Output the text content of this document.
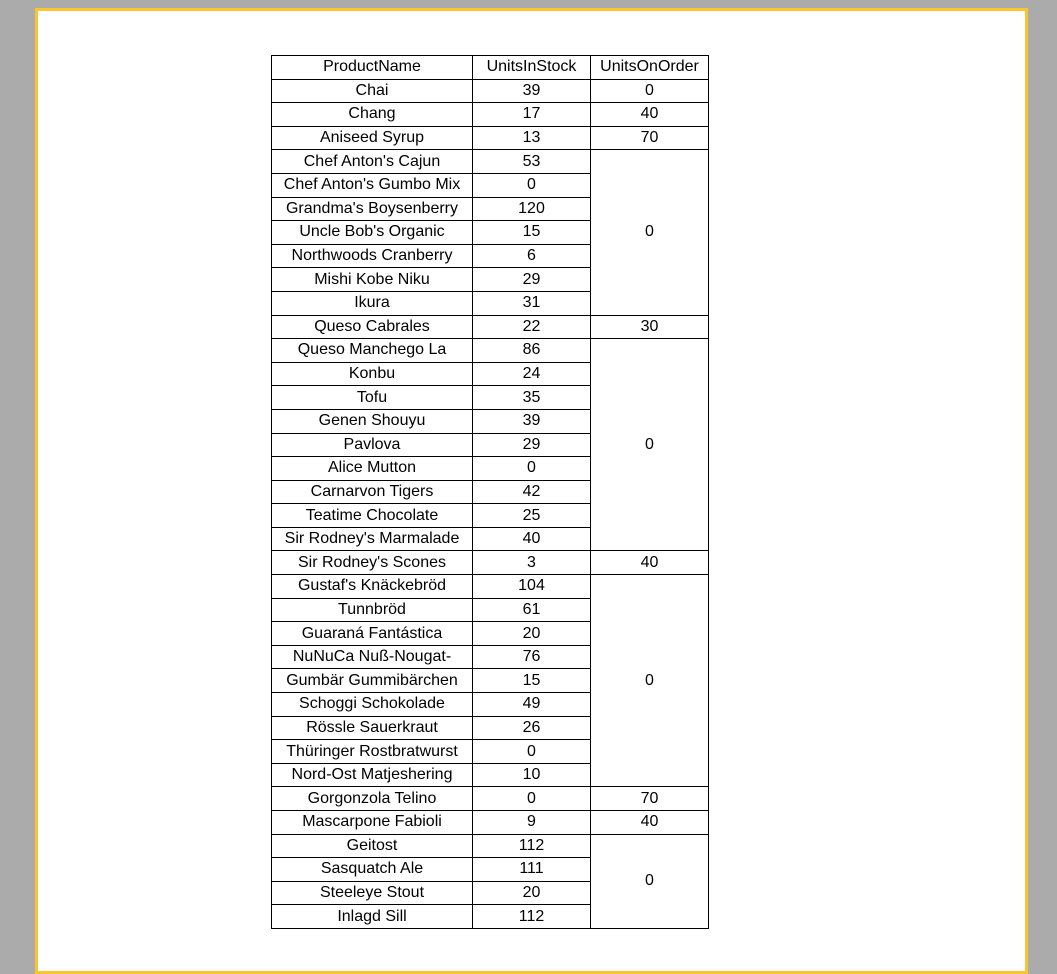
ProductName	UnitsInStock	UnitsOnOrder
Chai	39	0
Chang	17	40
Aniseed Syrup	13	70
Chef Anton's Cajun	53	0
Chef Anton's Gumbo Mix	0	
Grandma's Boysenberry	120	
Uncle Bob's Organic	15	
Northwoods Cranberry	6	
Mishi Kobe Niku	29	
Ikura	31	
Queso Cabrales	22	30
Queso Manchego La	86	0
Konbu	24	
Tofu	35	
Genen Shouyu	39	
Pavlova	29	
Alice Mutton	0	
Carnarvon Tigers	42	
Teatime Chocolate	25	
Sir Rodney's Marmalade	40	
Sir Rodney's Scones	3	40
Gustaf's Knäckebröd	104	0
Tunnbröd	61	
Guaraná Fantástica	20	
NuNuCa Nuß-Nougat-	76	
Gumbär Gummibärchen	15	
Schoggi Schokolade	49	
Rössle Sauerkraut	26	
Thüringer Rostbratwurst	0	
Nord-Ost Matjeshering	10	
Gorgonzola Telino	0	70
Mascarpone Fabioli	9	40
Geitost	112	0
Sasquatch Ale	111	
Steeleye Stout	20	
Inlagd Sill	112	
